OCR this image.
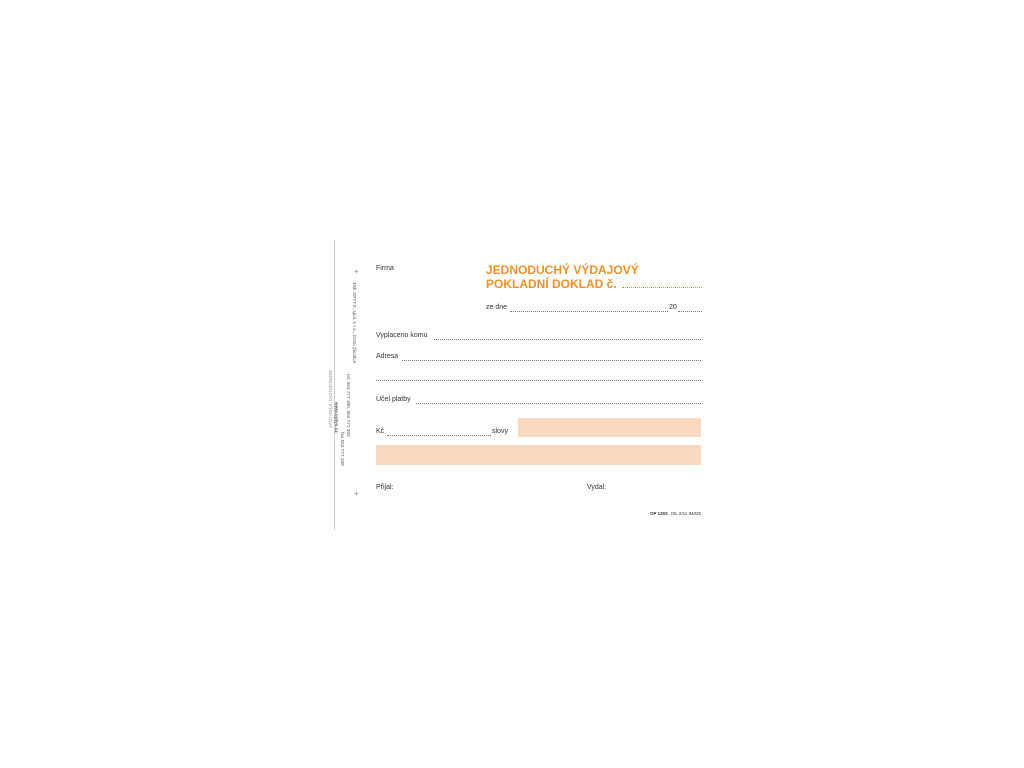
Tisk OPTYS, spol. s r.o., Dolní Životice
tel. 553 777 300, 553 777 303
fax 553 777 338
www.optys.cz
JEDNODUCHÝ VÝDAJOVÝ
+
+
Firma	JEDNODUCHÝ VÝDAJOVÝ
POKLADNÍ DOKLAD č.
ze dne	20
Vyplaceno komu
Adresa
Účel platby
Kč	slovy
Přijal:	Vydal:
OP 1303 ISL 2/11 IM325
